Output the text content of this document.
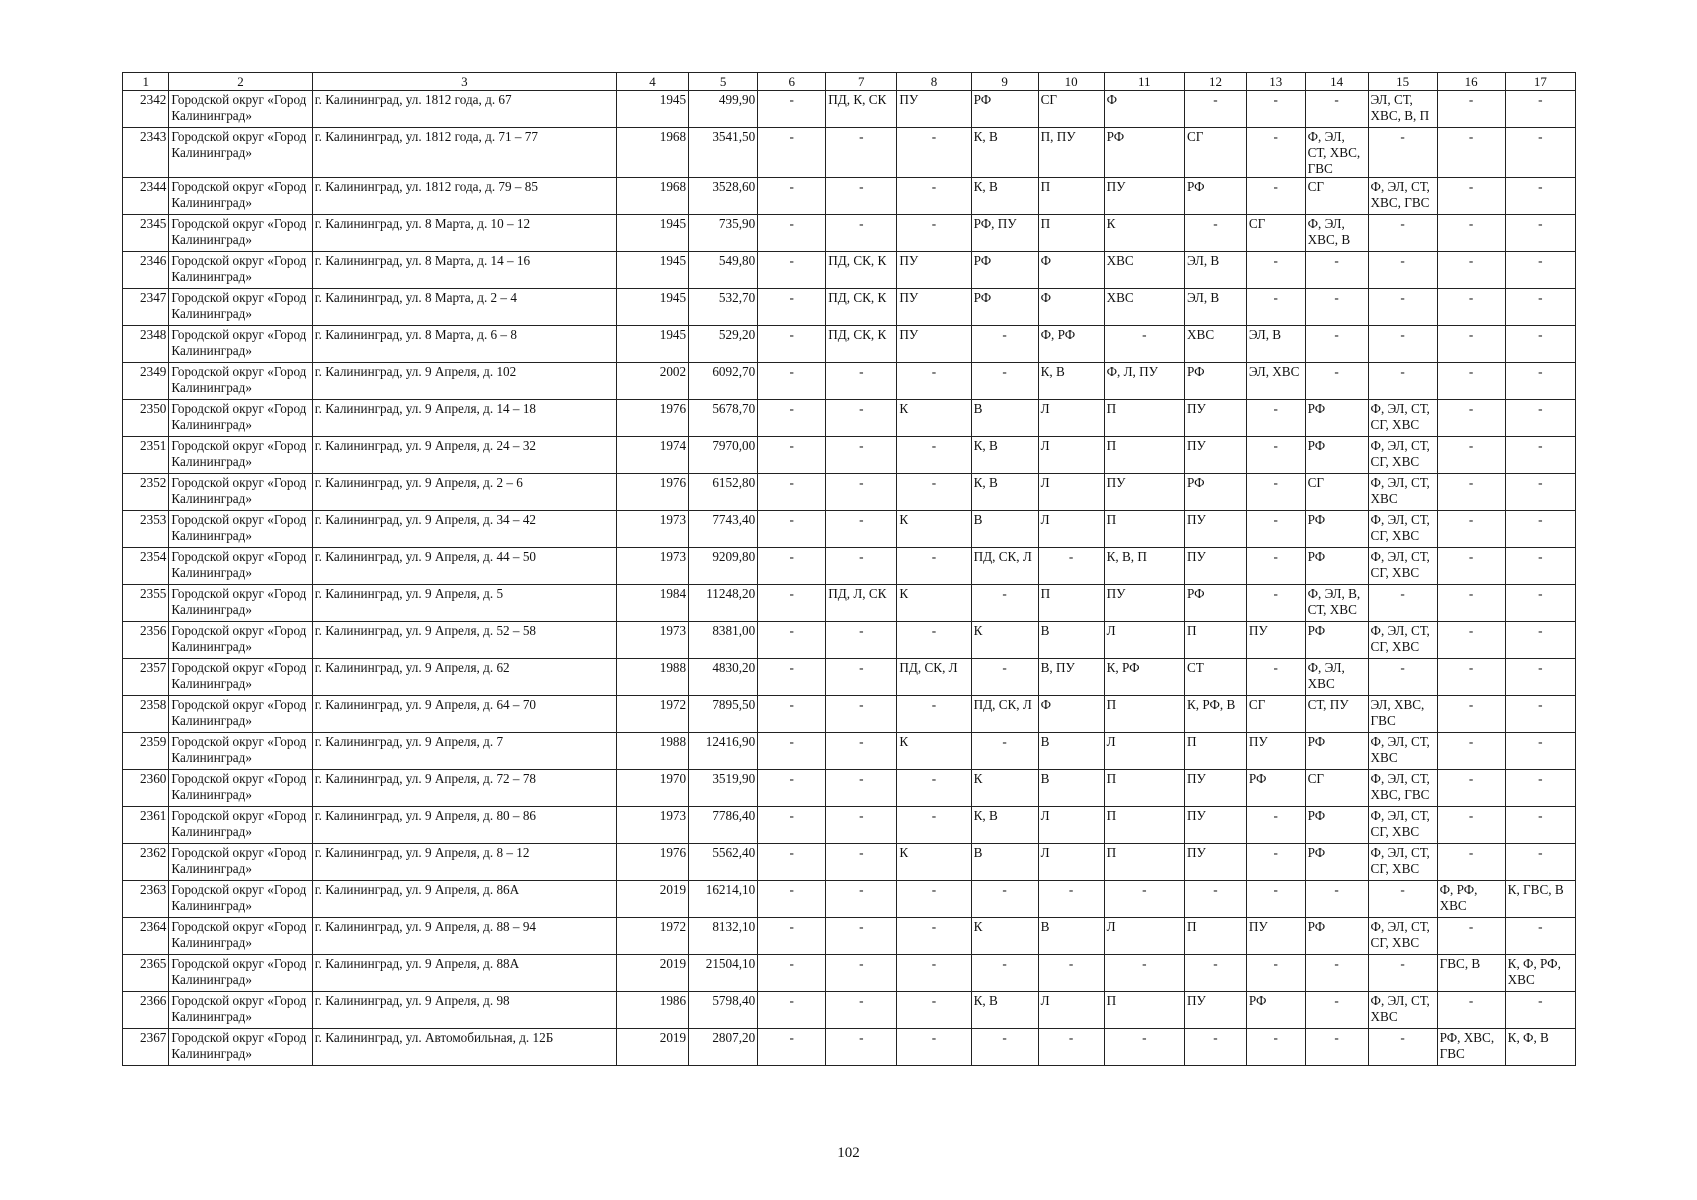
1	2	3	4	5	6	7	8	9	10	11	12	13	14	15	16	17
2342	Городской округ «Город Калининград»	г. Калининград, ул. 1812 года, д. 67	1945	499,90	-	ПД, К, СК	ПУ	РФ	СГ	Ф	-	-	-	ЭЛ, СТ, ХВС, В, П	-	-
2343	Городской округ «Город Калининград»	г. Калининград, ул. 1812 года, д. 71 – 77	1968	3541,50	-	-	-	К, В	П, ПУ	РФ	СГ	-	Ф, ЭЛ, СТ, ХВС, ГВС	-	-	-
2344	Городской округ «Город Калининград»	г. Калининград, ул. 1812 года, д. 79 – 85	1968	3528,60	-	-	-	К, В	П	ПУ	РФ	-	СГ	Ф, ЭЛ, СТ, ХВС, ГВС	-	-
2345	Городской округ «Город Калининград»	г. Калининград, ул. 8 Марта, д. 10 – 12	1945	735,90	-	-	-	РФ, ПУ	П	К	-	СГ	Ф, ЭЛ, ХВС, В	-	-	-
2346	Городской округ «Город Калининград»	г. Калининград, ул. 8 Марта, д. 14 – 16	1945	549,80	-	ПД, СК, К	ПУ	РФ	Ф	ХВС	ЭЛ, В	-	-	-	-	-
2347	Городской округ «Город Калининград»	г. Калининград, ул. 8 Марта, д. 2 – 4	1945	532,70	-	ПД, СК, К	ПУ	РФ	Ф	ХВС	ЭЛ, В	-	-	-	-	-
2348	Городской округ «Город Калининград»	г. Калининград, ул. 8 Марта, д. 6 – 8	1945	529,20	-	ПД, СК, К	ПУ	-	Ф, РФ	-	ХВС	ЭЛ, В	-	-	-	-
2349	Городской округ «Город Калининград»	г. Калининград, ул. 9 Апреля, д. 102	2002	6092,70	-	-	-	-	К, В	Ф, Л, ПУ	РФ	ЭЛ, ХВС	-	-	-	-
2350	Городской округ «Город Калининград»	г. Калининград, ул. 9 Апреля, д. 14 – 18	1976	5678,70	-	-	К	В	Л	П	ПУ	-	РФ	Ф, ЭЛ, СТ, СГ, ХВС	-	-
2351	Городской округ «Город Калининград»	г. Калининград, ул. 9 Апреля, д. 24 – 32	1974	7970,00	-	-	-	К, В	Л	П	ПУ	-	РФ	Ф, ЭЛ, СТ, СГ, ХВС	-	-
2352	Городской округ «Город Калининград»	г. Калининград, ул. 9 Апреля, д. 2 – 6	1976	6152,80	-	-	-	К, В	Л	ПУ	РФ	-	СГ	Ф, ЭЛ, СТ, ХВС	-	-
2353	Городской округ «Город Калининград»	г. Калининград, ул. 9 Апреля, д. 34 – 42	1973	7743,40	-	-	К	В	Л	П	ПУ	-	РФ	Ф, ЭЛ, СТ, СГ, ХВС	-	-
2354	Городской округ «Город Калининград»	г. Калининград, ул. 9 Апреля, д. 44 – 50	1973	9209,80	-	-	-	ПД, СК, Л	-	К, В, П	ПУ	-	РФ	Ф, ЭЛ, СТ, СГ, ХВС	-	-
2355	Городской округ «Город Калининград»	г. Калининград, ул. 9 Апреля, д. 5	1984	11248,20	-	ПД, Л, СК	К	-	П	ПУ	РФ	-	Ф, ЭЛ, В, СТ, ХВС	-	-	-
2356	Городской округ «Город Калининград»	г. Калининград, ул. 9 Апреля, д. 52 – 58	1973	8381,00	-	-	-	К	В	Л	П	ПУ	РФ	Ф, ЭЛ, СТ, СГ, ХВС	-	-
2357	Городской округ «Город Калининград»	г. Калининград, ул. 9 Апреля, д. 62	1988	4830,20	-	-	ПД, СК, Л	-	В, ПУ	К, РФ	СТ	-	Ф, ЭЛ, ХВС	-	-	-
2358	Городской округ «Город Калининград»	г. Калининград, ул. 9 Апреля, д. 64 – 70	1972	7895,50	-	-	-	ПД, СК, Л	Ф	П	К, РФ, В	СГ	СТ, ПУ	ЭЛ, ХВС, ГВС	-	-
2359	Городской округ «Город Калининград»	г. Калининград, ул. 9 Апреля, д. 7	1988	12416,90	-	-	К	-	В	Л	П	ПУ	РФ	Ф, ЭЛ, СТ, ХВС	-	-
2360	Городской округ «Город Калининград»	г. Калининград, ул. 9 Апреля, д. 72 – 78	1970	3519,90	-	-	-	К	В	П	ПУ	РФ	СГ	Ф, ЭЛ, СТ, ХВС, ГВС	-	-
2361	Городской округ «Город Калининград»	г. Калининград, ул. 9 Апреля, д. 80 – 86	1973	7786,40	-	-	-	К, В	Л	П	ПУ	-	РФ	Ф, ЭЛ, СТ, СГ, ХВС	-	-
2362	Городской округ «Город Калининград»	г. Калининград, ул. 9 Апреля, д. 8 – 12	1976	5562,40	-	-	К	В	Л	П	ПУ	-	РФ	Ф, ЭЛ, СТ, СГ, ХВС	-	-
2363	Городской округ «Город Калининград»	г. Калининград, ул. 9 Апреля, д. 86А	2019	16214,10	-	-	-	-	-	-	-	-	-	-	Ф, РФ, ХВС	К, ГВС, В
2364	Городской округ «Город Калининград»	г. Калининград, ул. 9 Апреля, д. 88 – 94	1972	8132,10	-	-	-	К	В	Л	П	ПУ	РФ	Ф, ЭЛ, СТ, СГ, ХВС	-	-
2365	Городской округ «Город Калининград»	г. Калининград, ул. 9 Апреля, д. 88А	2019	21504,10	-	-	-	-	-	-	-	-	-	-	ГВС, В	К, Ф, РФ, ХВС
2366	Городской округ «Город Калининград»	г. Калининград, ул. 9 Апреля, д. 98	1986	5798,40	-	-	-	К, В	Л	П	ПУ	РФ	-	Ф, ЭЛ, СТ, ХВС	-	-
2367	Городской округ «Город Калининград»	г. Калининград, ул. Автомобильная, д. 12Б	2019	2807,20	-	-	-	-	-	-	-	-	-	-	РФ, ХВС, ГВС	К, Ф, В
102
